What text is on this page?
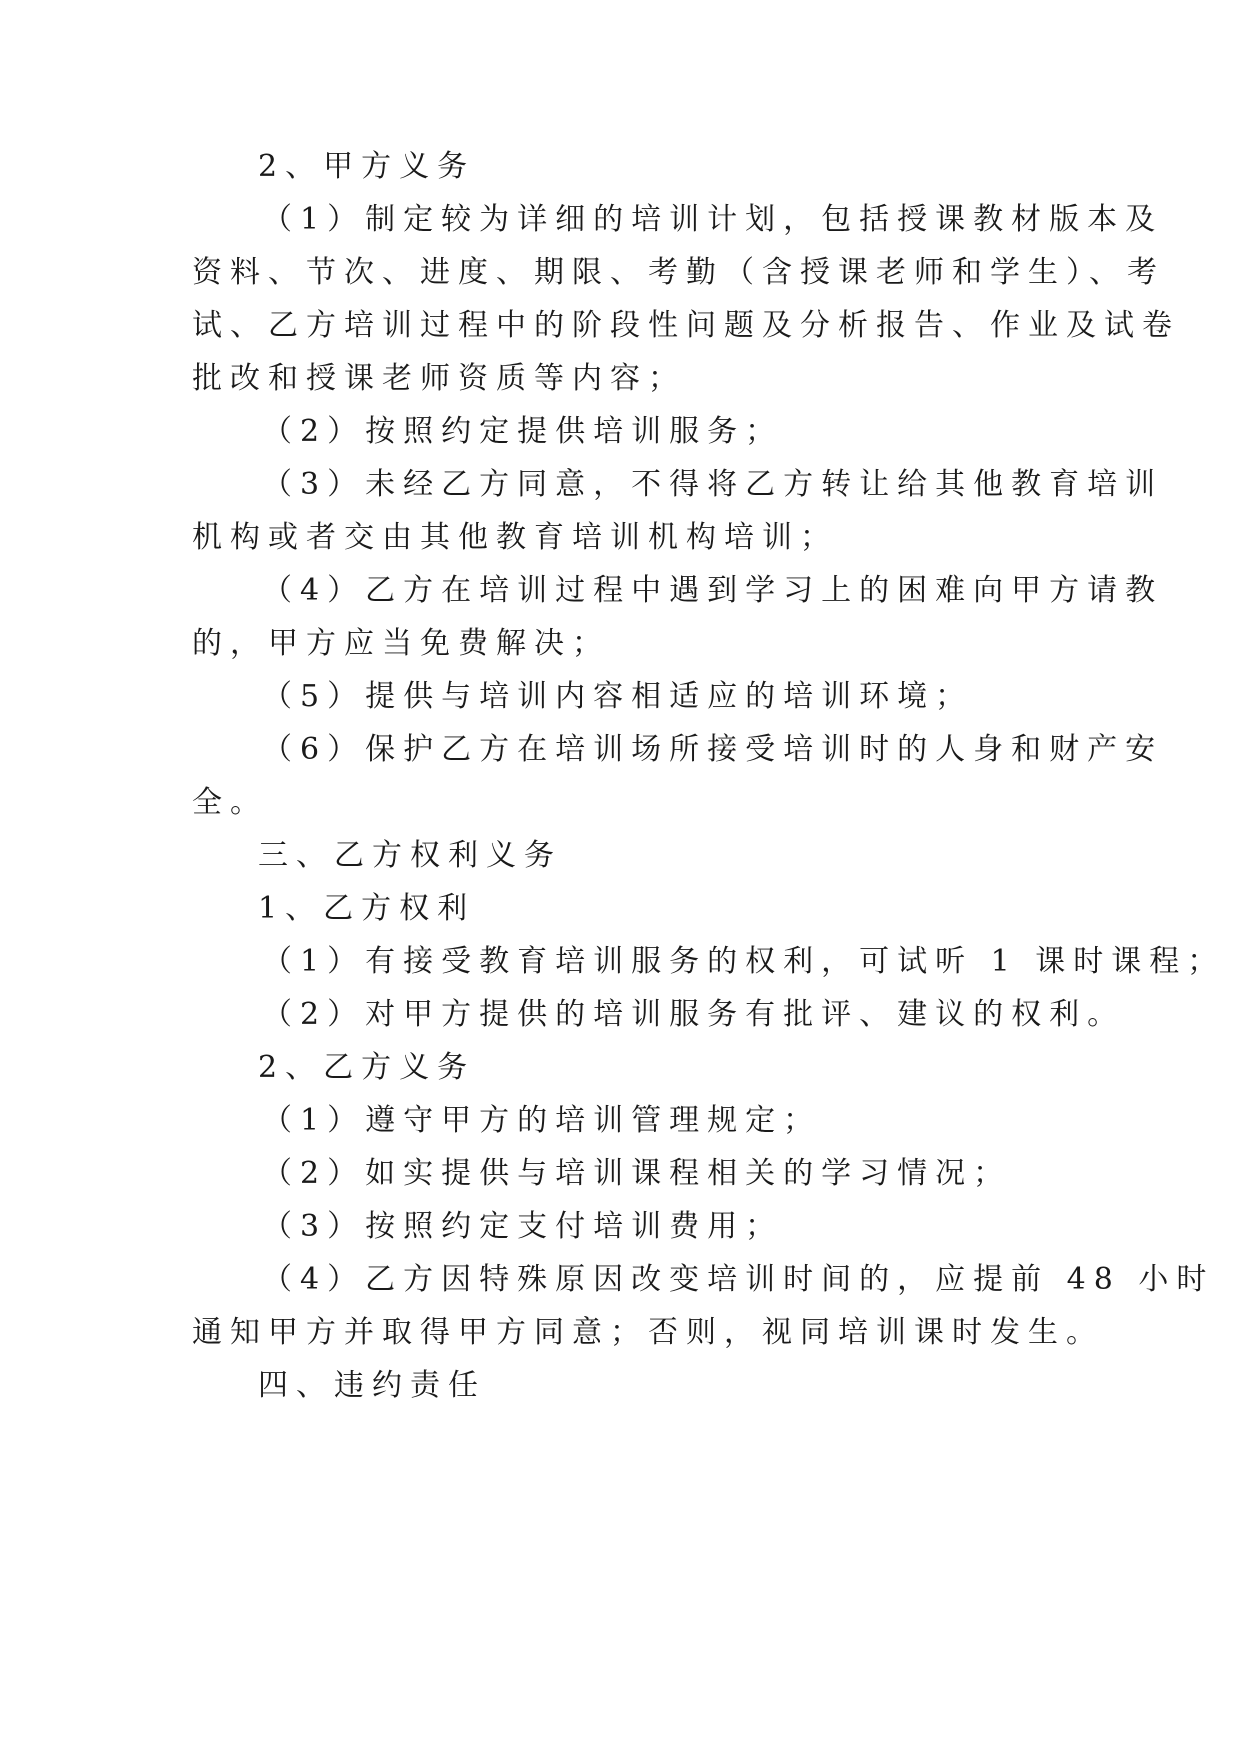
2、甲方义务
（1）制定较为详细的培训计划，包括授课教材版本及
资料、节次、进度、期限、考勤（含授课老师和学生）、考
试、乙方培训过程中的阶段性问题及分析报告、作业及试卷
批改和授课老师资质等内容；
（2）按照约定提供培训服务；
（3）未经乙方同意，不得将乙方转让给其他教育培训
机构或者交由其他教育培训机构培训；
（4）乙方在培训过程中遇到学习上的困难向甲方请教
的，甲方应当免费解决；
（5）提供与培训内容相适应的培训环境；
（6）保护乙方在培训场所接受培训时的人身和财产安
全。
三、乙方权利义务
1、乙方权利
（1）有接受教育培训服务的权利，可试听 1 课时课程；
（2）对甲方提供的培训服务有批评、建议的权利。
2、乙方义务
（1）遵守甲方的培训管理规定；
（2）如实提供与培训课程相关的学习情况；
（3）按照约定支付培训费用；
（4）乙方因特殊原因改变培训时间的，应提前 48 小时
通知甲方并取得甲方同意；否则，视同培训课时发生。
四、违约责任
